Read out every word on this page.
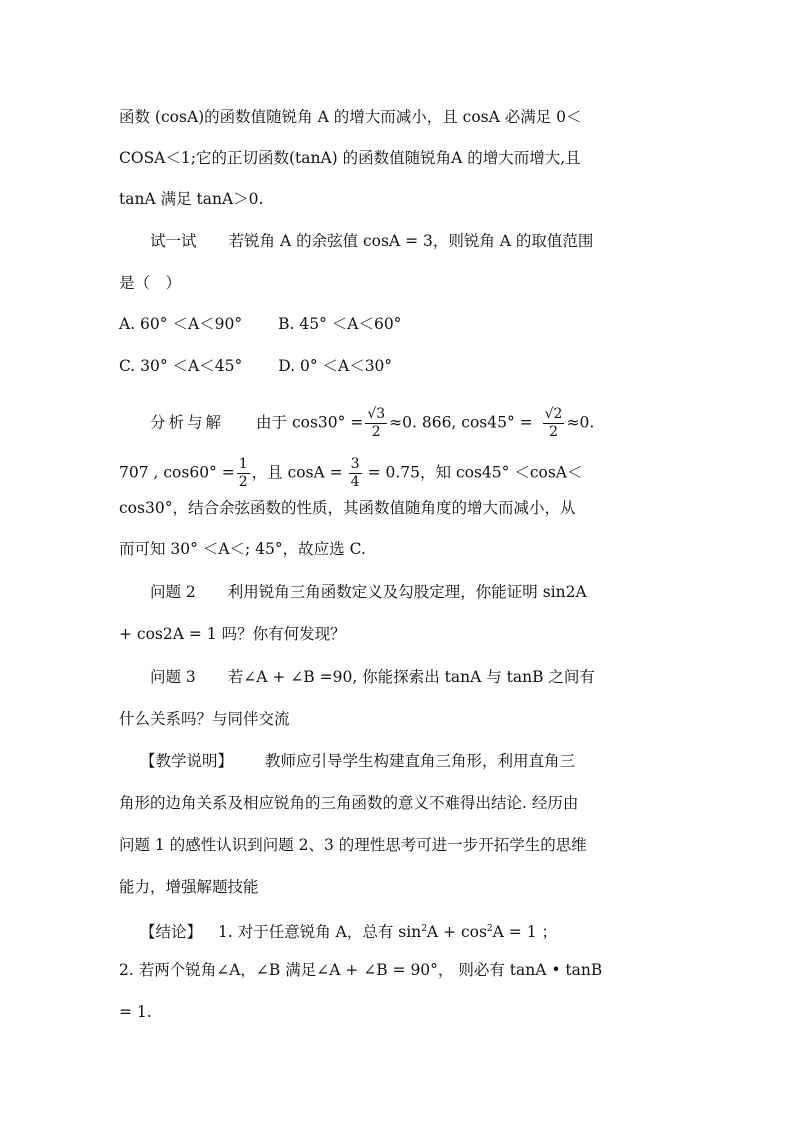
函数 (cosA)的函数值随锐角 A 的增大而减小，且 cosA 必满足 0＜
COSA＜1;它的正切函数(tanA) 的函数值随锐角A 的增大而增大,且
tanA 满足 tanA＞0.
试一试 若锐角 A 的余弦值 cosA = 3，则锐角 A 的取值范围
是（　）
A. 60° ＜A＜90° B. 45° ＜A＜60°
C. 30° ＜A＜45° D. 0° ＜A＜30°
分析与解 由于 $\cos 30^\circ = \frac{√3}{2} \approx 0$. 866, $\cos 45^\circ = \frac{√2}{2} \approx 0$.
707 , $\cos 60^\circ = \frac{1}{2}$ ，且 $\cos A = \frac{3}{4} = 0.75$，知 cos45° ＜cosA＜
cos30°，结合余弦函数的性质，其函数值随角度的增大而减小，从
而可知 30° ＜A＜; 45°，故应选 C.
问题 2 利用锐角三角函数定义及勾股定理，你能证明 sin2A
+ cos2A = 1 吗？你有何发现？
问题 3 若∠A + ∠B =90, 你能探索出 tanA 与 tanB 之间有
什么关系吗？与同伴交流
【教学说明】 教师应引导学生构建直角三角形，利用直角三
角形的边角关系及相应锐角的三角函数的意义不难得出结论. 经历由
问题 1 的感性认识到问题 2、3 的理性思考可进一步开拓学生的思维
能力，增强解题技能
【结论】 1. 对于任意锐角 A，总有 $\sin^2A + \cos^2A = 1$ ；
2. 若两个锐角∠A，∠B 满足∠A + ∠B = 90°， 则必有 tanA • tanB
= 1.
